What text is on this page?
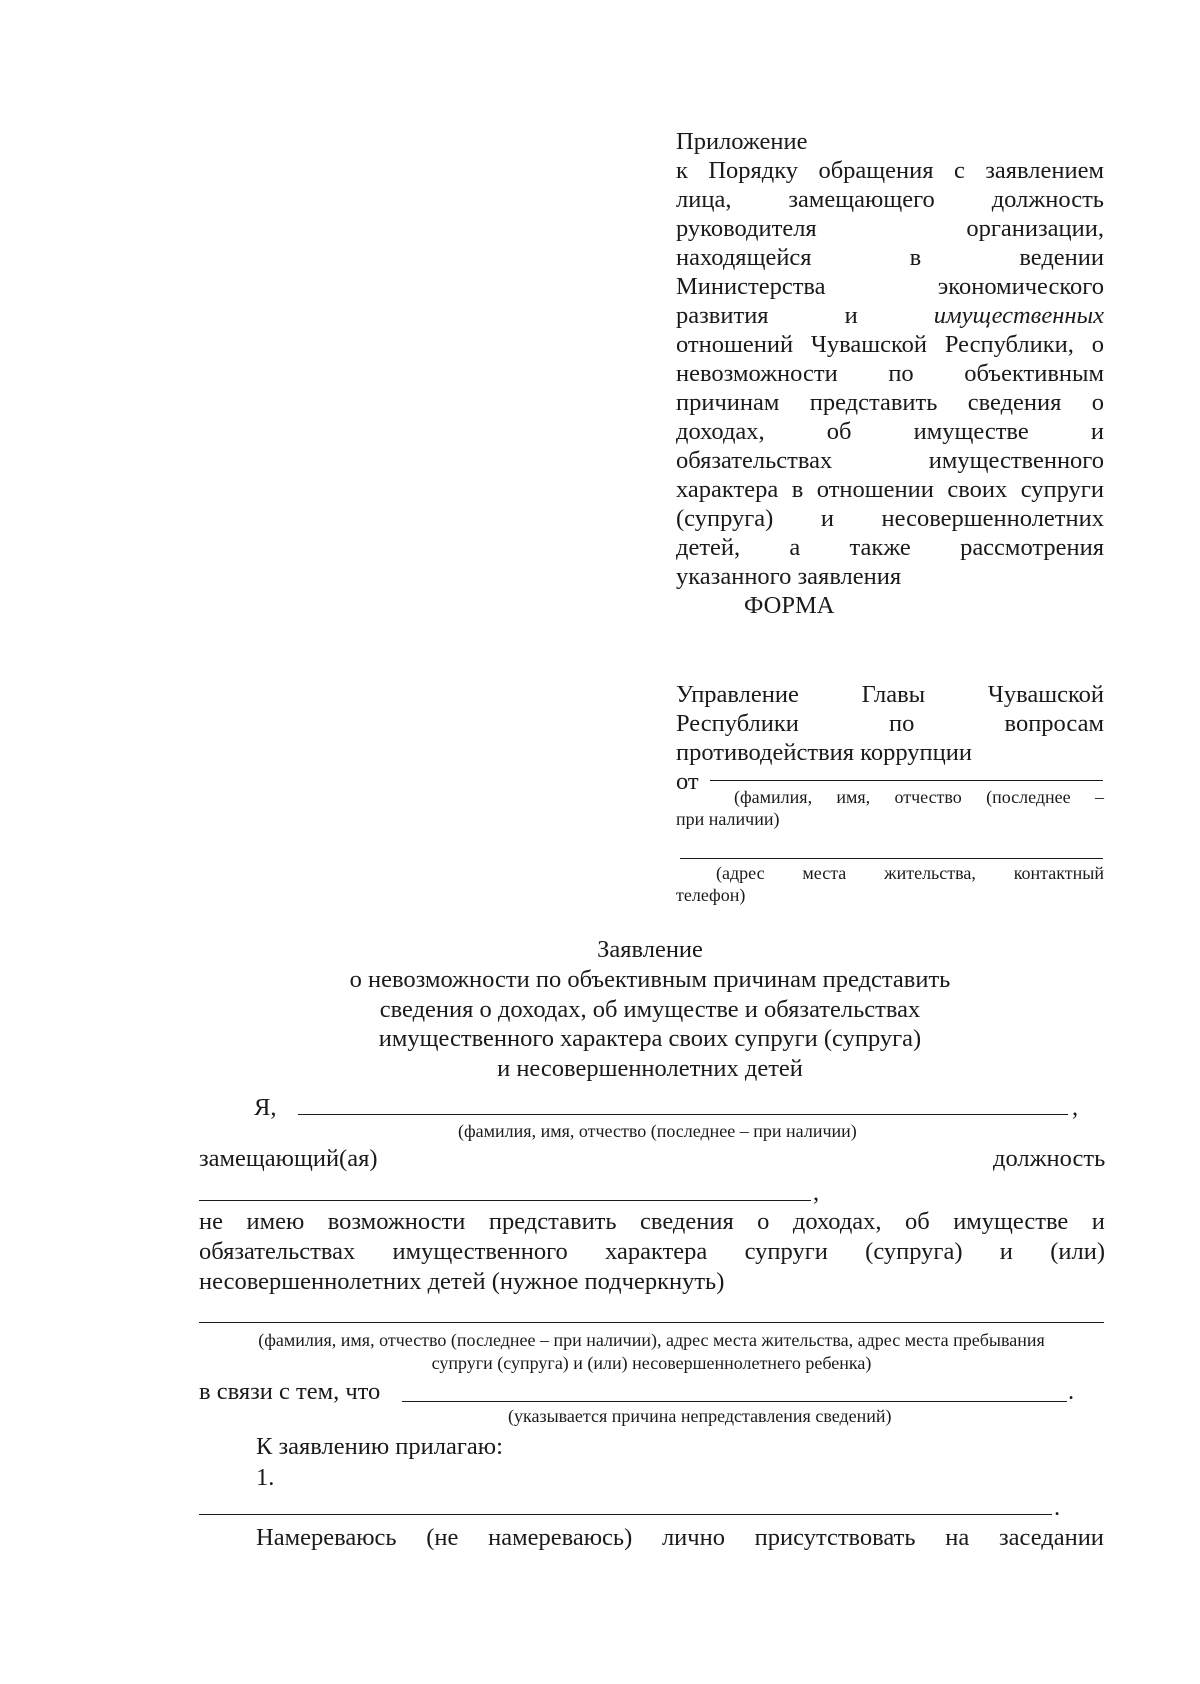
Приложение
к Порядку обращения с заявлением
лица, замещающего должность
руководителя	организации,
находящейся	в	ведении
Министерства	экономического
развития	и	имущественных
отношений Чувашской Республики, о
невозможности по объективным
причинам представить сведения о
доходах,	об	имуществе	и
обязательствах	имущественного
характера в отношении своих супруги
(супруга) и несовершеннолетних
детей, а также рассмотрения
указанного заявления
ФОРМА
Управление	Главы	Чувашской
Республики	по	вопросам
противодействия коррупции
от
(фамилия, имя, отчество (последнее –
при наличии)
(адрес места жительства, контактный
телефон)
Заявление
о невозможности по объективным причинам представить
сведения о доходах, об имуществе и обязательствах
имущественного характера своих супруги (супруга)
и несовершеннолетних детей
Я,	,
(фамилия, имя, отчество (последнее – при наличии)
замещающий(ая)	должность
,
не имею возможности представить сведения о доходах, об имуществе и
обязательствах имущественного характера супруги (супруга) и (или)
несовершеннолетних детей (нужное подчеркнуть)
(фамилия, имя, отчество (последнее – при наличии), адрес места жительства, адрес места пребывания
супруги (супруга) и (или) несовершеннолетнего ребенка)
в связи с тем, что	.
(указывается причина непредставления сведений)
К заявлению прилагаю:
1.
.
Намереваюсь (не намереваюсь) лично присутствовать на заседании
